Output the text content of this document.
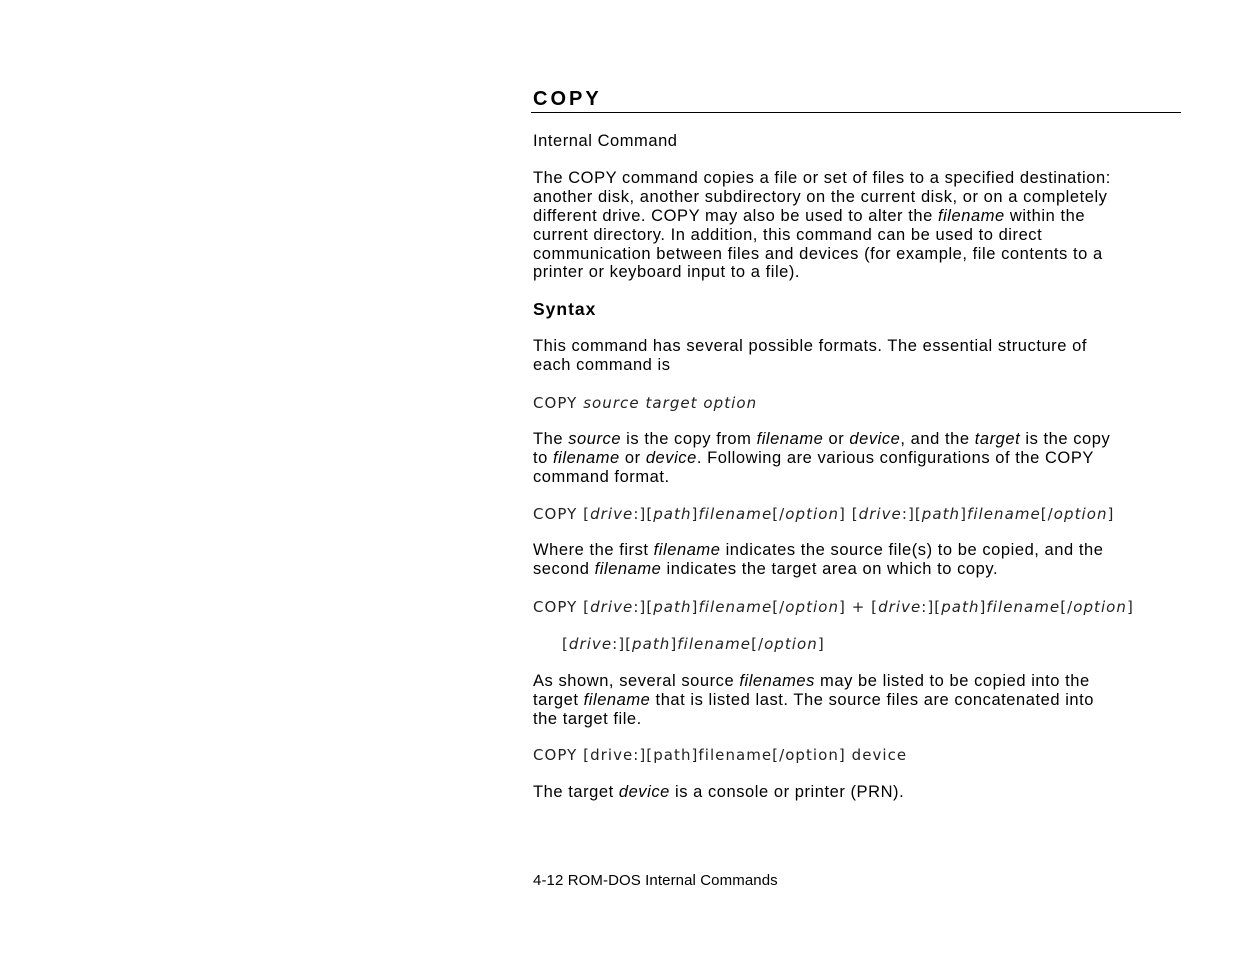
COPY

Internal Command

The COPY command copies a file or set of files to a specified destination:

another disk, another subdirectory on the current disk, or on a completely

different drive. COPY may also be used to alter the filename within the

current directory. In addition, this command can be used to direct

communication between files and devices (for example, file contents to a

printer or keyboard input to a file).

Syntax

This command has several possible formats. The essential structure of

each command is

COPY source target option

The source is the copy from filename or device, and the target is the copy

to filename or device. Following are various configurations of the COPY

command format.

COPY [drive:][path]filename[/option] [drive:][path]filename[/option]

Where the first filename indicates the source file(s) to be copied, and the

second filename indicates the target area on which to copy.

COPY [drive:][path]filename[/option] + [drive:][path]filename[/option]

[drive:][path]filename[/option]

As shown, several source filenames may be listed to be copied into the

target filename that is listed last. The source files are concatenated into

the target file.

COPY [drive:][path]filename[/option] device

The target device is a console or printer (PRN).

4-12 ROM-DOS Internal Commands
